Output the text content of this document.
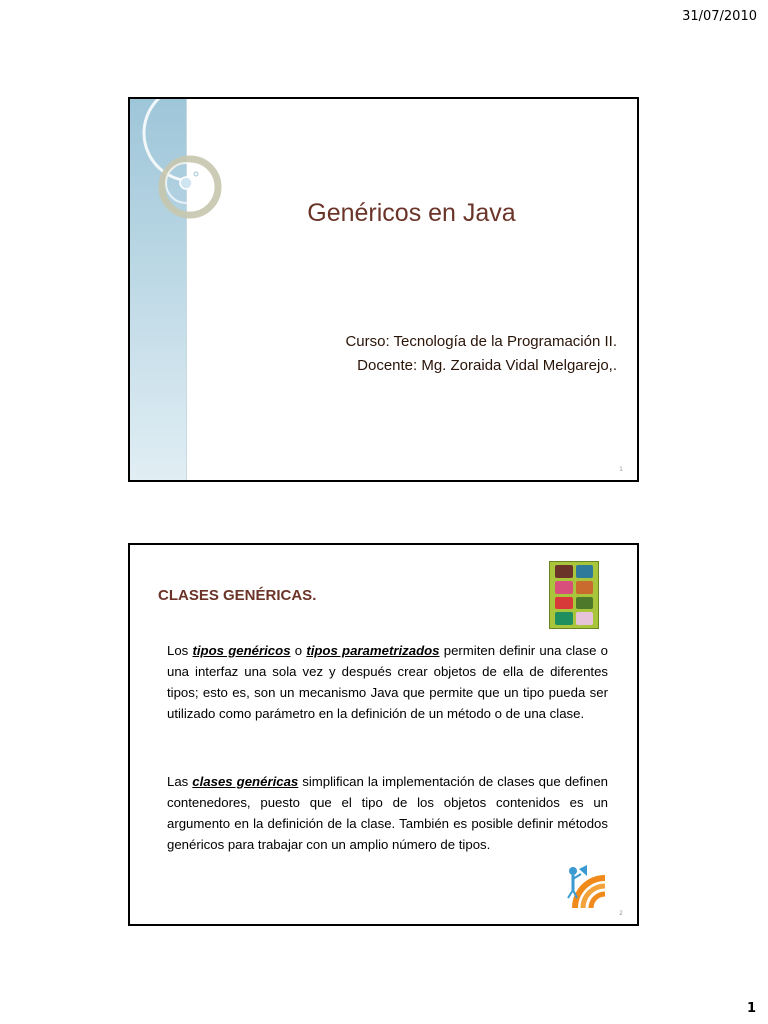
31/07/2010
Genéricos en Java
Curso: Tecnología de la Programación II.
Docente: Mg. Zoraida Vidal Melgarejo,.
1
CLASES GENÉRICAS.
Los tipos genéricos o tipos parametrizados permiten definir una clase o una interfaz una sola vez y después crear objetos de ella de diferentes tipos; esto es, son un mecanismo Java que permite que un tipo pueda ser utilizado como parámetro en la definición de un método o de una clase.
Las clases genéricas simplifican la implementación de clases que definen contenedores, puesto que el tipo de los objetos contenidos es un argumento en la definición de la clase. También es posible definir métodos genéricos para trabajar con un amplio número de tipos.
2
1
